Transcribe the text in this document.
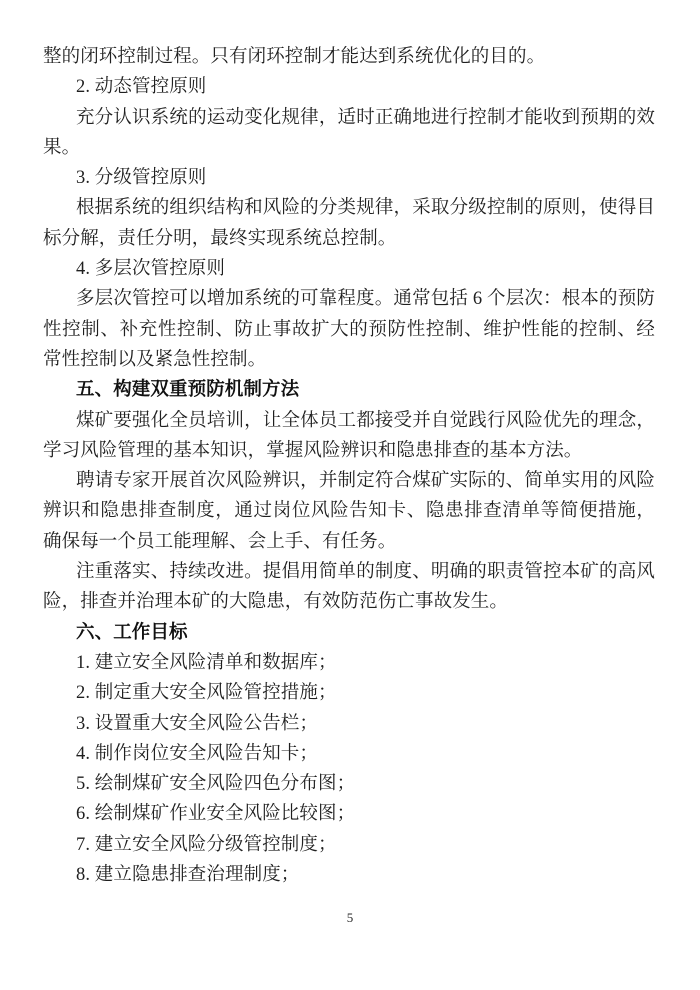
整的闭环控制过程。只有闭环控制才能达到系统优化的目的。

2. 动态管控原则

充分认识系统的运动变化规律，适时正确地进行控制才能收到预期的效果。

3. 分级管控原则

根据系统的组织结构和风险的分类规律，采取分级控制的原则，使得目标分解，责任分明，最终实现系统总控制。

4. 多层次管控原则

多层次管控可以增加系统的可靠程度。通常包括 6 个层次：根本的预防性控制、补充性控制、防止事故扩大的预防性控制、维护性能的控制、经常性控制以及紧急性控制。

五、构建双重预防机制方法

煤矿要强化全员培训，让全体员工都接受并自觉践行风险优先的理念，学习风险管理的基本知识，掌握风险辨识和隐患排查的基本方法。

聘请专家开展首次风险辨识，并制定符合煤矿实际的、简单实用的风险辨识和隐患排查制度，通过岗位风险告知卡、隐患排查清单等简便措施，确保每一个员工能理解、会上手、有任务。

注重落实、持续改进。提倡用简单的制度、明确的职责管控本矿的高风险，排查并治理本矿的大隐患，有效防范伤亡事故发生。

六、工作目标

1. 建立安全风险清单和数据库；

2. 制定重大安全风险管控措施；

3. 设置重大安全风险公告栏；

4. 制作岗位安全风险告知卡；

5. 绘制煤矿安全风险四色分布图；

6. 绘制煤矿作业安全风险比较图；

7. 建立安全风险分级管控制度；

8. 建立隐患排查治理制度；

5
